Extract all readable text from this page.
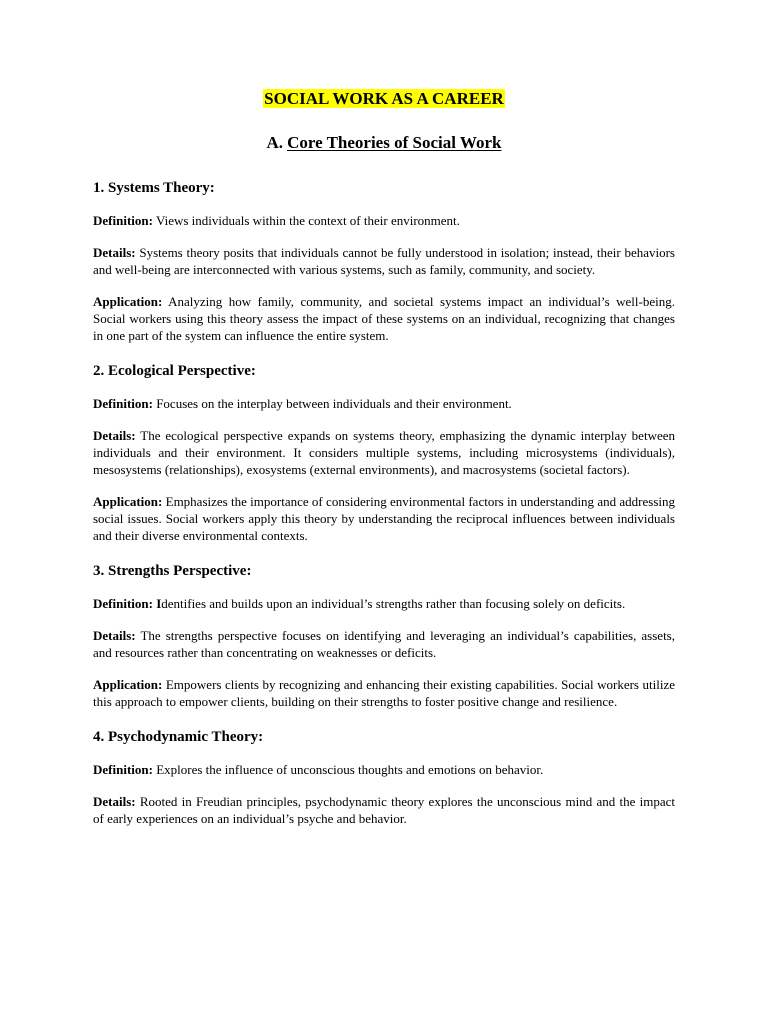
SOCIAL WORK AS A CAREER
A. Core Theories of Social Work
1. Systems Theory:

Definition: Views individuals within the context of their environment.

Details: Systems theory posits that individuals cannot be fully understood in isolation; instead, their behaviors and well-being are interconnected with various systems, such as family, community, and society.

Application: Analyzing how family, community, and societal systems impact an individual’s well-being. Social workers using this theory assess the impact of these systems on an individual, recognizing that changes in one part of the system can influence the entire system.

2. Ecological Perspective:

Definition: Focuses on the interplay between individuals and their environment.

Details: The ecological perspective expands on systems theory, emphasizing the dynamic interplay between individuals and their environment. It considers multiple systems, including microsystems (individuals), mesosystems (relationships), exosystems (external environments), and macrosystems (societal factors).

Application: Emphasizes the importance of considering environmental factors in understanding and addressing social issues. Social workers apply this theory by understanding the reciprocal influences between individuals and their diverse environmental contexts.

3. Strengths Perspective:

Definition: Identifies and builds upon an individual’s strengths rather than focusing solely on deficits.

Details: The strengths perspective focuses on identifying and leveraging an individual’s capabilities, assets, and resources rather than concentrating on weaknesses or deficits.

Application: Empowers clients by recognizing and enhancing their existing capabilities. Social workers utilize this approach to empower clients, building on their strengths to foster positive change and resilience.

4. Psychodynamic Theory:

Definition: Explores the influence of unconscious thoughts and emotions on behavior.

Details: Rooted in Freudian principles, psychodynamic theory explores the unconscious mind and the impact of early experiences on an individual’s psyche and behavior.
